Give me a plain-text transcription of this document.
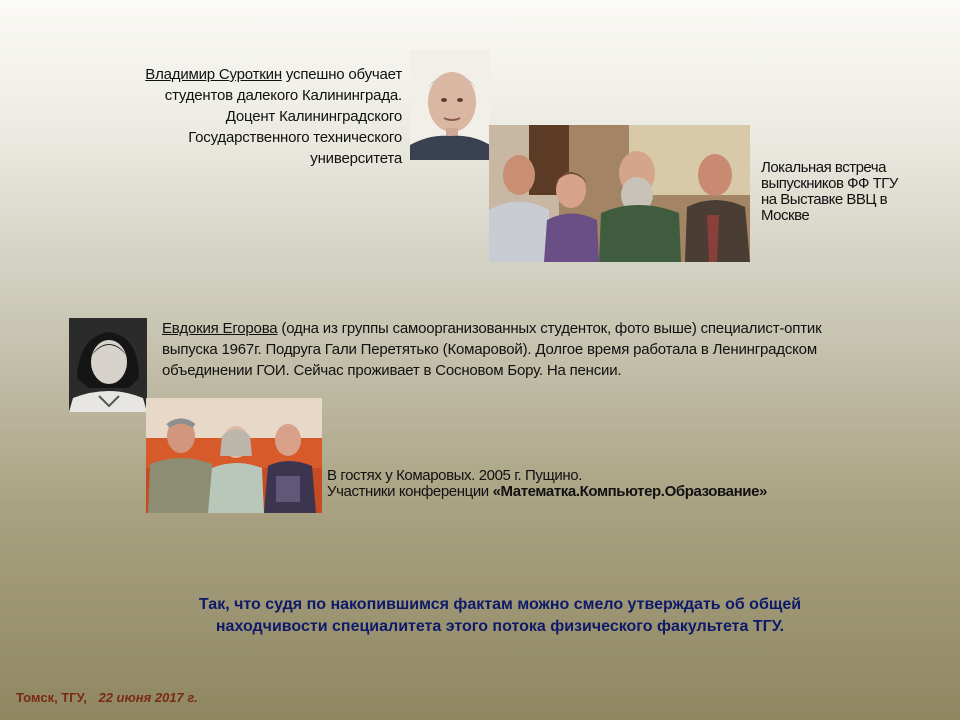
Владимир Суроткин успешно обучает
студентов далекого Калининграда.
Доцент Калининградского
Государственного технического
университета
Локальная встреча
выпускников ФФ ТГУ
на Выставке ВВЦ в
Москве
Евдокия Егорова (одна из группы самоорганизованных студенток, фото выше) специалист-оптик
выпуска 1967г. Подруга Гали Перетятько (Комаровой). Долгое время работала в Ленинградском
объединении ГОИ. Сейчас проживает в Сосновом Бору. На пенсии.
В гостях у Комаровых. 2005 г. Пущино.
Участники конференции «Математка.Компьютер.Образование»
Так, что судя по накопившимся фактам можно смело утверждать об общей
находчивости специалитета этого потока физического факультета ТГУ.
Томск, ТГУ, 22 июня 2017 г.
